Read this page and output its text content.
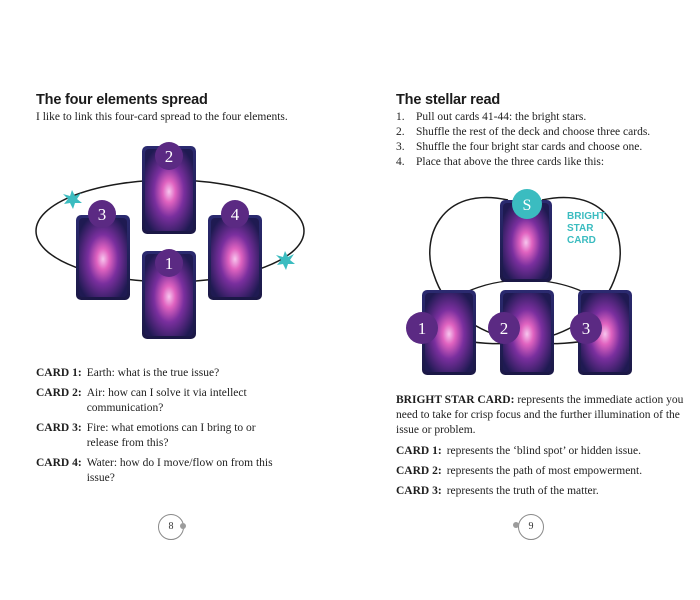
The four elements spread
I like to link this four-card spread to the four elements.
2
3	4
1
CARD 1: Earth: what is the true issue?
CARD 2: Air: how can I solve it via intellect communication?
CARD 3: Fire: what emotions can I bring to or release from this?
CARD 4: Water: how do I move/flow on from this issue?
8
The stellar read
1. Pull out cards 41-44: the bright stars.
2. Shuffle the rest of the deck and choose three cards.
3. Shuffle the four bright star cards and choose one.
4. Place that above the three cards like this:
S
1	2	3
BRIGHT
STAR
CARD
BRIGHT STAR CARD: represents the immediate action you need to take for crisp focus and the further illumination of the issue or problem.
CARD 1: represents the ‘blind spot’ or hidden issue.
CARD 2: represents the path of most empowerment.
CARD 3: represents the truth of the matter.
9
